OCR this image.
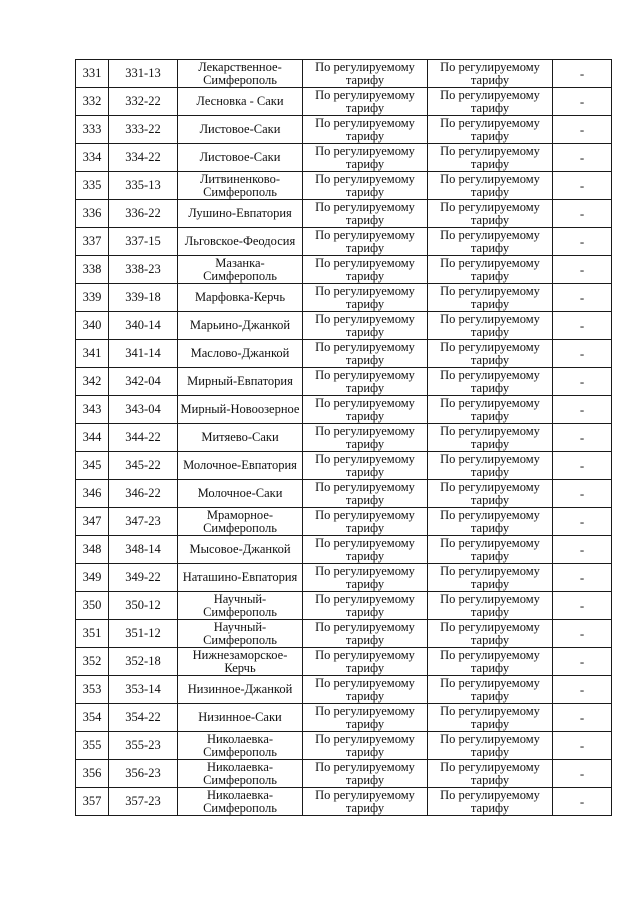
331	331-13	Лекарственное-Симферополь	По регулируемому тарифу	По регулируемому тарифу	-
332	332-22	Лесновка - Саки	По регулируемому тарифу	По регулируемому тарифу	-
333	333-22	Листовое-Саки	По регулируемому тарифу	По регулируемому тарифу	-
334	334-22	Листовое-Саки	По регулируемому тарифу	По регулируемому тарифу	-
335	335-13	Литвиненково-Симферополь	По регулируемому тарифу	По регулируемому тарифу	-
336	336-22	Лушино-Евпатория	По регулируемому тарифу	По регулируемому тарифу	-
337	337-15	Льговское-Феодосия	По регулируемому тарифу	По регулируемому тарифу	-
338	338-23	Мазанка-Симферополь	По регулируемому тарифу	По регулируемому тарифу	-
339	339-18	Марфовка-Керчь	По регулируемому тарифу	По регулируемому тарифу	-
340	340-14	Марьино-Джанкой	По регулируемому тарифу	По регулируемому тарифу	-
341	341-14	Маслово-Джанкой	По регулируемому тарифу	По регулируемому тарифу	-
342	342-04	Мирный-Евпатория	По регулируемому тарифу	По регулируемому тарифу	-
343	343-04	Мирный-Новоозерное	По регулируемому тарифу	По регулируемому тарифу	-
344	344-22	Митяево-Саки	По регулируемому тарифу	По регулируемому тарифу	-
345	345-22	Молочное-Евпатория	По регулируемому тарифу	По регулируемому тарифу	-
346	346-22	Молочное-Саки	По регулируемому тарифу	По регулируемому тарифу	-
347	347-23	Мраморное-Симферополь	По регулируемому тарифу	По регулируемому тарифу	-
348	348-14	Мысовое-Джанкой	По регулируемому тарифу	По регулируемому тарифу	-
349	349-22	Наташино-Евпатория	По регулируемому тарифу	По регулируемому тарифу	-
350	350-12	Научный-Симферополь	По регулируемому тарифу	По регулируемому тарифу	-
351	351-12	Научный-Симферополь	По регулируемому тарифу	По регулируемому тарифу	-
352	352-18	Нижнезаморское-Керчь	По регулируемому тарифу	По регулируемому тарифу	-
353	353-14	Низинное-Джанкой	По регулируемому тарифу	По регулируемому тарифу	-
354	354-22	Низинное-Саки	По регулируемому тарифу	По регулируемому тарифу	-
355	355-23	Николаевка-Симферополь	По регулируемому тарифу	По регулируемому тарифу	-
356	356-23	Николаевка-Симферополь	По регулируемому тарифу	По регулируемому тарифу	-
357	357-23	Николаевка-Симферополь	По регулируемому тарифу	По регулируемому тарифу	-
